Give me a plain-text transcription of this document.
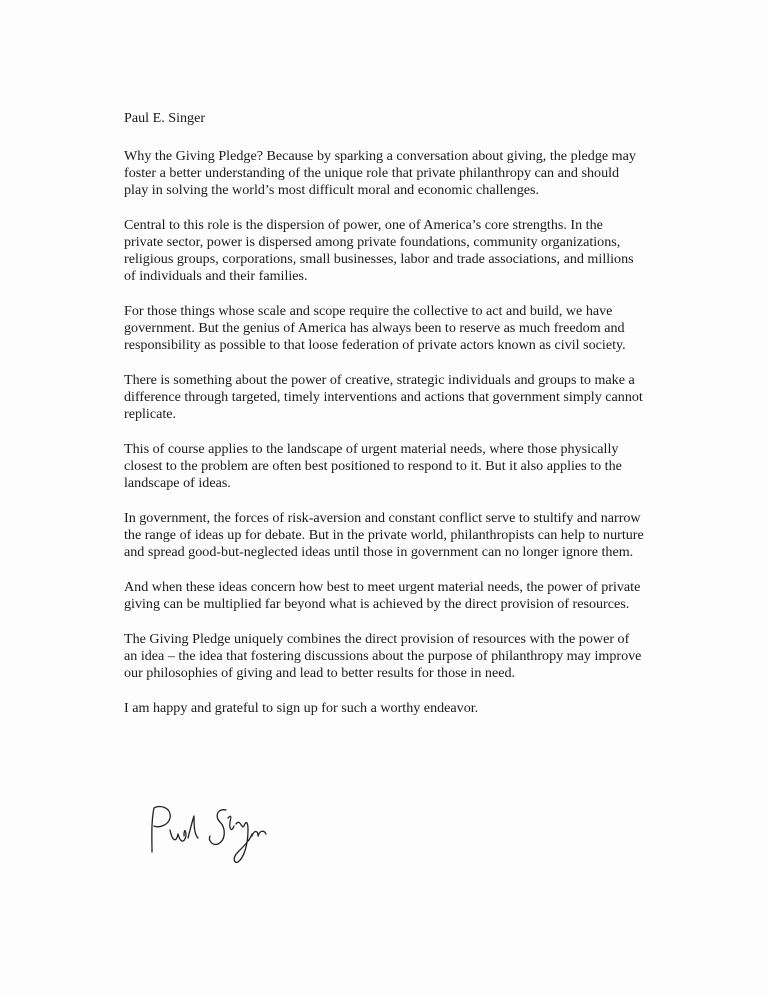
Paul E. Singer

Why the Giving Pledge? Because by sparking a conversation about giving, the pledge may foster a better understanding of the unique role that private philanthropy can and should play in solving the world’s most difficult moral and economic challenges.

Central to this role is the dispersion of power, one of America’s core strengths. In the private sector, power is dispersed among private foundations, community organizations, religious groups, corporations, small businesses, labor and trade associations, and millions of individuals and their families.

For those things whose scale and scope require the collective to act and build, we have government. But the genius of America has always been to reserve as much freedom and responsibility as possible to that loose federation of private actors known as civil society.

There is something about the power of creative, strategic individuals and groups to make a difference through targeted, timely interventions and actions that government simply cannot replicate.

This of course applies to the landscape of urgent material needs, where those physically closest to the problem are often best positioned to respond to it. But it also applies to the landscape of ideas.

In government, the forces of risk-aversion and constant conflict serve to stultify and narrow the range of ideas up for debate. But in the private world, philanthropists can help to nurture and spread good-but-neglected ideas until those in government can no longer ignore them.

And when these ideas concern how best to meet urgent material needs, the power of private giving can be multiplied far beyond what is achieved by the direct provision of resources.

The Giving Pledge uniquely combines the direct provision of resources with the power of an idea – the idea that fostering discussions about the purpose of philanthropy may improve our philosophies of giving and lead to better results for those in need.

I am happy and grateful to sign up for such a worthy endeavor.
